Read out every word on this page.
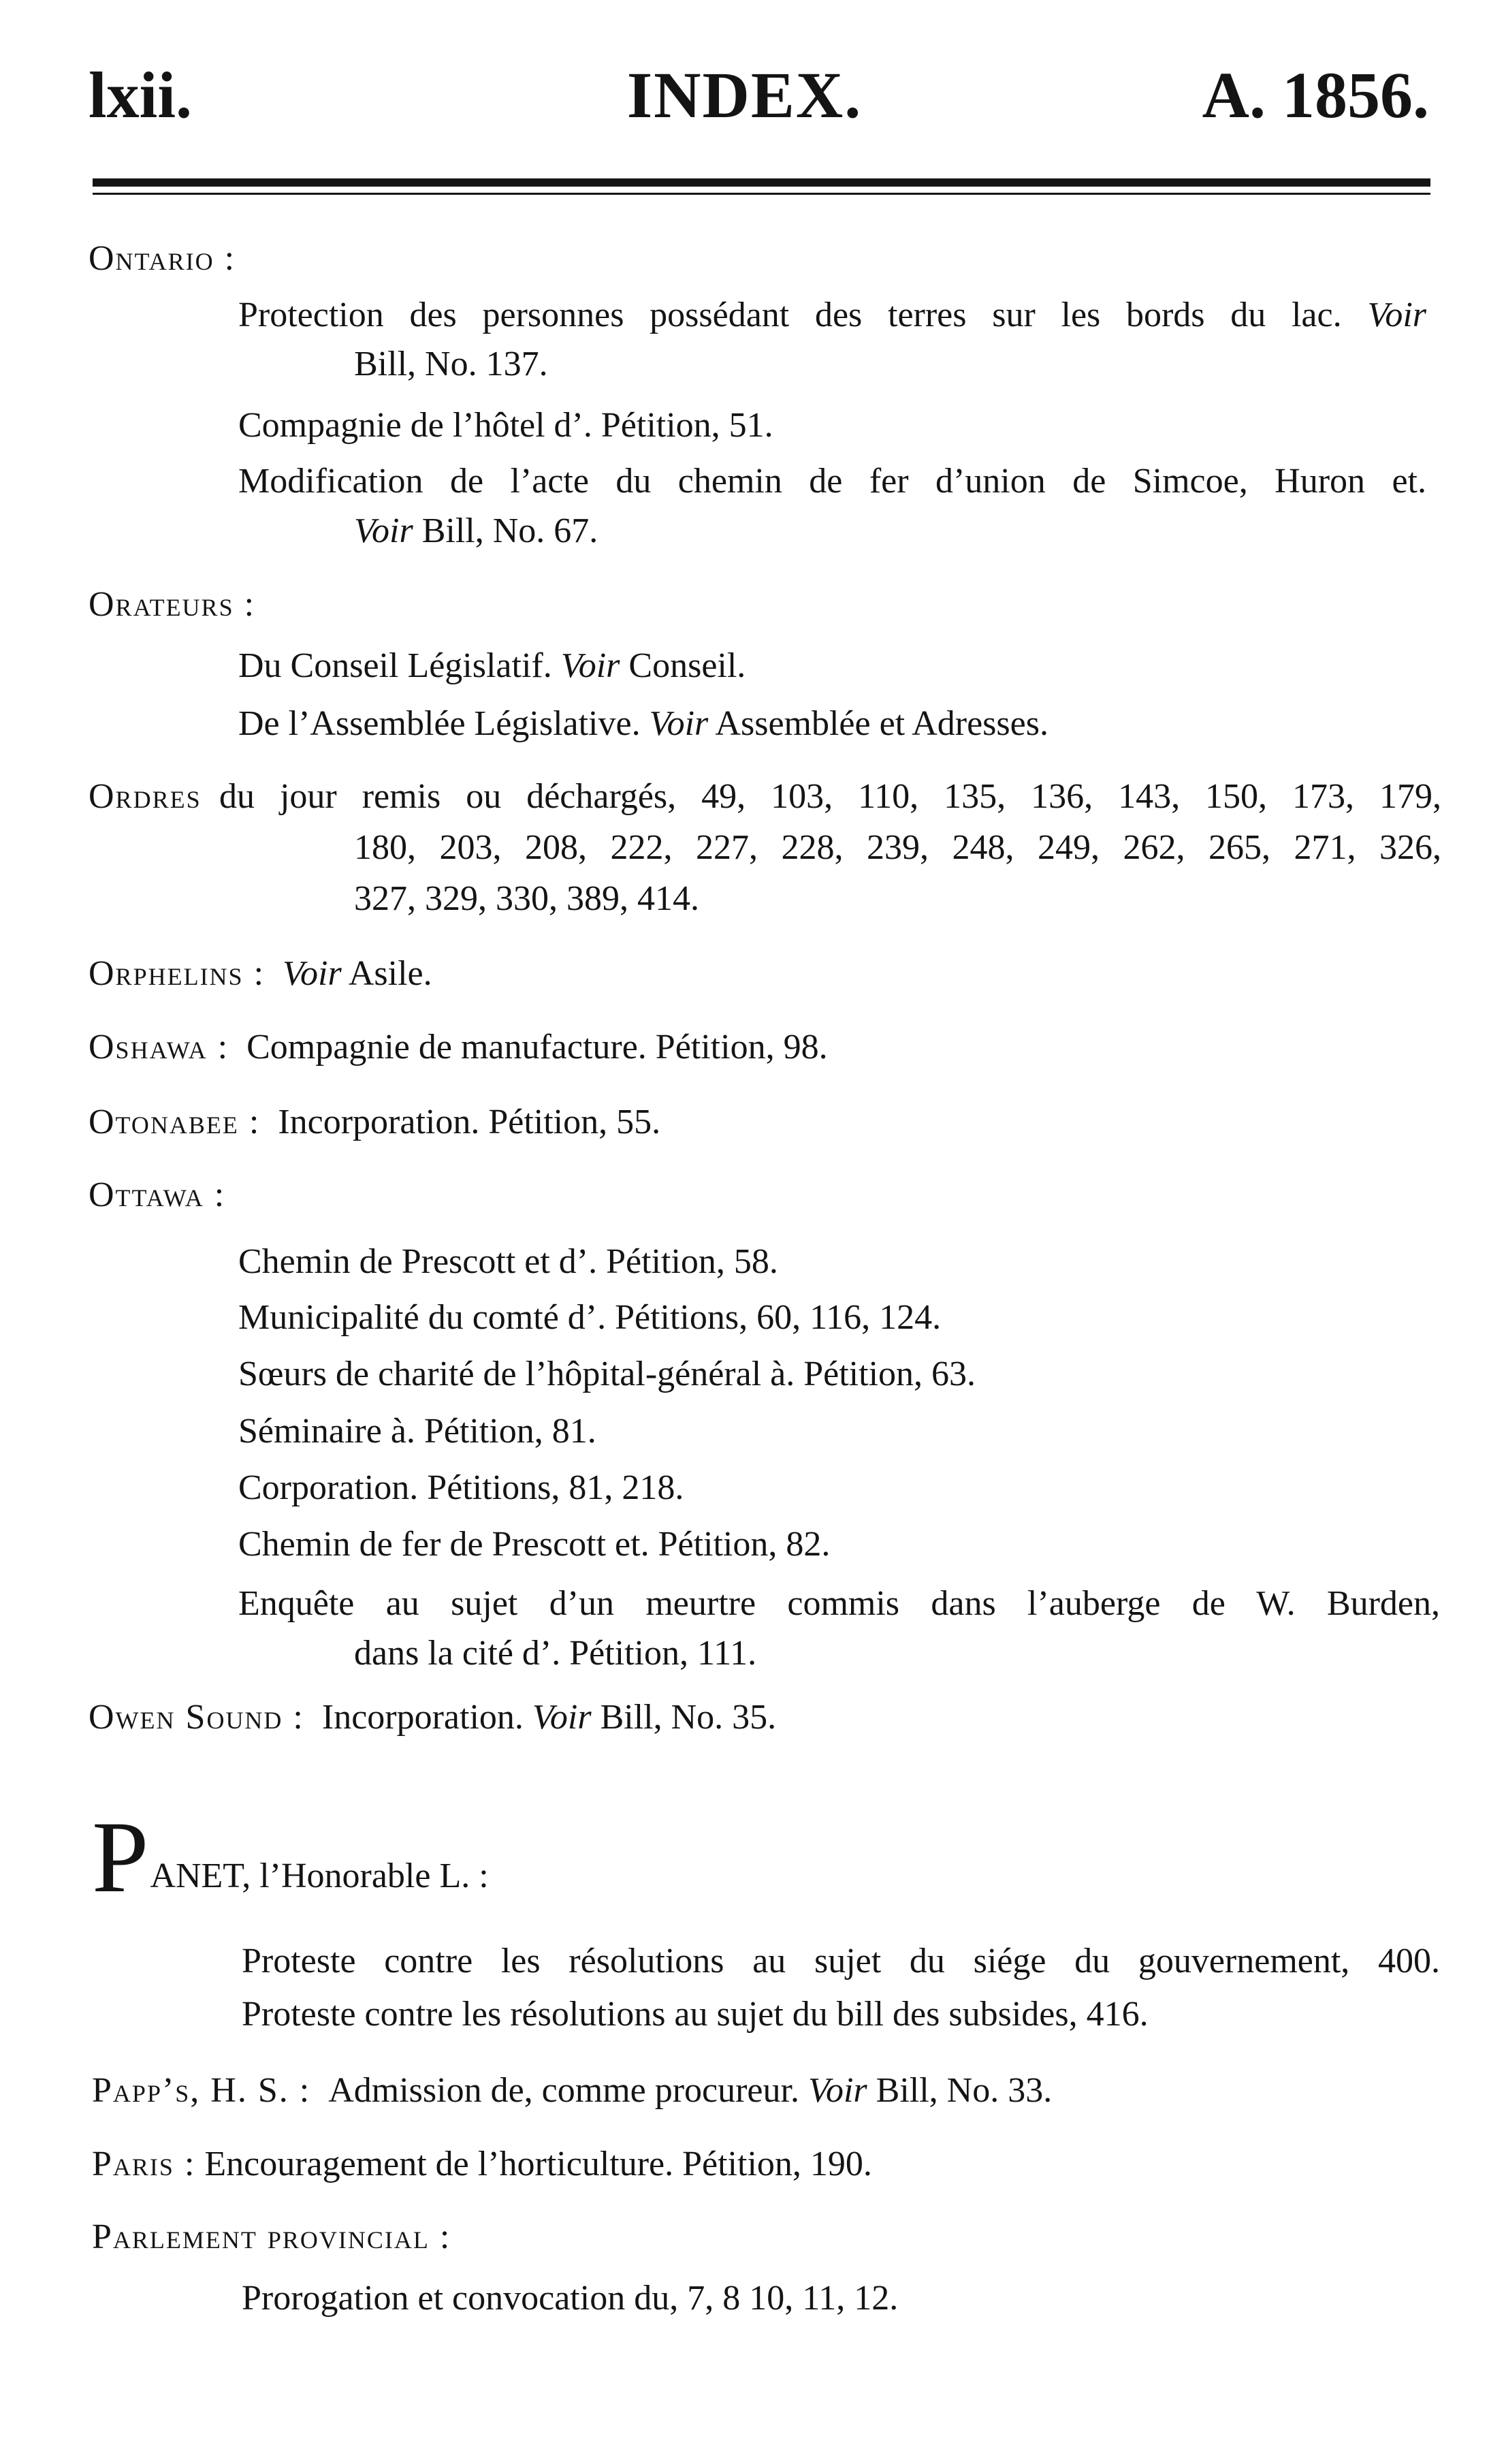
lxii.	INDEX.	A. 1856.
Ontario :
Protection des personnes possédant des terres sur les bords du lac. Voir
Bill, No. 137.
Compagnie de l’hôtel d’. Pétition, 51.
Modification de l’acte du chemin de fer d’union de Simcoe, Huron et.
Voir Bill, No. 67.
Orateurs :
Du Conseil Législatif. Voir Conseil.
De l’Assemblée Législative. Voir Assemblée et Adresses.
Ordres du jour remis ou déchargés, 49, 103, 110, 135, 136, 143, 150, 173, 179,
180, 203, 208, 222, 227, 228, 239, 248, 249, 262, 265, 271, 326,
327, 329, 330, 389, 414.
Orphelins : Voir Asile.
Oshawa : Compagnie de manufacture. Pétition, 98.
Otonabee : Incorporation. Pétition, 55.
Ottawa :
Chemin de Prescott et d’. Pétition, 58.
Municipalité du comté d’. Pétitions, 60, 116, 124.
Sœurs de charité de l’hôpital-général à. Pétition, 63.
Séminaire à. Pétition, 81.
Corporation. Pétitions, 81, 218.
Chemin de fer de Prescott et. Pétition, 82.
Enquête au sujet d’un meurtre commis dans l’auberge de W. Burden,
dans la cité d’. Pétition, 111.
Owen Sound : Incorporation. Voir Bill, No. 35.
PANET, l’Honorable L. :
Proteste contre les résolutions au sujet du siége du gouvernement, 400.
Proteste contre les résolutions au sujet du bill des subsides, 416.
Papp’s, H. S. : Admission de, comme procureur. Voir Bill, No. 33.
Paris : Encouragement de l’horticulture. Pétition, 190.
Parlement provincial :
Prorogation et convocation du, 7, 8 10, 11, 12.
